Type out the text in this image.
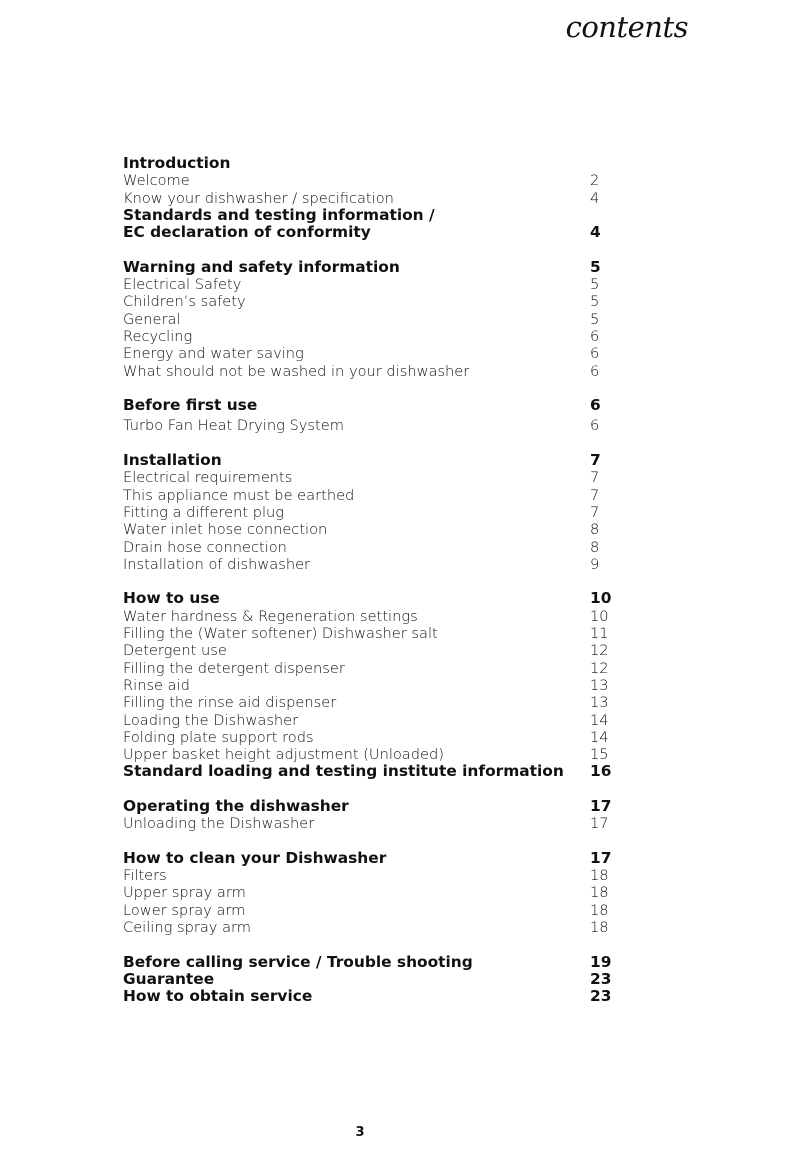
contents
Introduction
Welcome	2
Know your dishwasher / specification	4
Standards and testing information /
EC declaration of conformity	4
Warning and safety information	5
Electrical Safety	5
Children’s safety	5
General	5
Recycling	6
Energy and water saving	6
What should not be washed in your dishwasher	6
Before first use	6
Turbo Fan Heat Drying System	6
Installation	7
Electrical requirements	7
This appliance must be earthed	7
Fitting a different plug	7
Water inlet hose connection	8
Drain hose connection	8
Installation of dishwasher	9
How to use	10
Water hardness & Regeneration settings	10
Filling the (Water softener) Dishwasher salt	11
Detergent use	12
Filling the detergent dispenser	12
Rinse aid	13
Filling the rinse aid dispenser	13
Loading the Dishwasher	14
Folding plate support rods	14
Upper basket height adjustment (Unloaded)	15
Standard loading and testing institute information 16
Operating the dishwasher	17
Unloading the Dishwasher	17
How to clean your Dishwasher	17
Filters	18
Upper spray arm	18
Lower spray arm	18
Ceiling spray arm	18
Before calling service / Trouble shooting	19
Guarantee	23
How to obtain service	23
3
